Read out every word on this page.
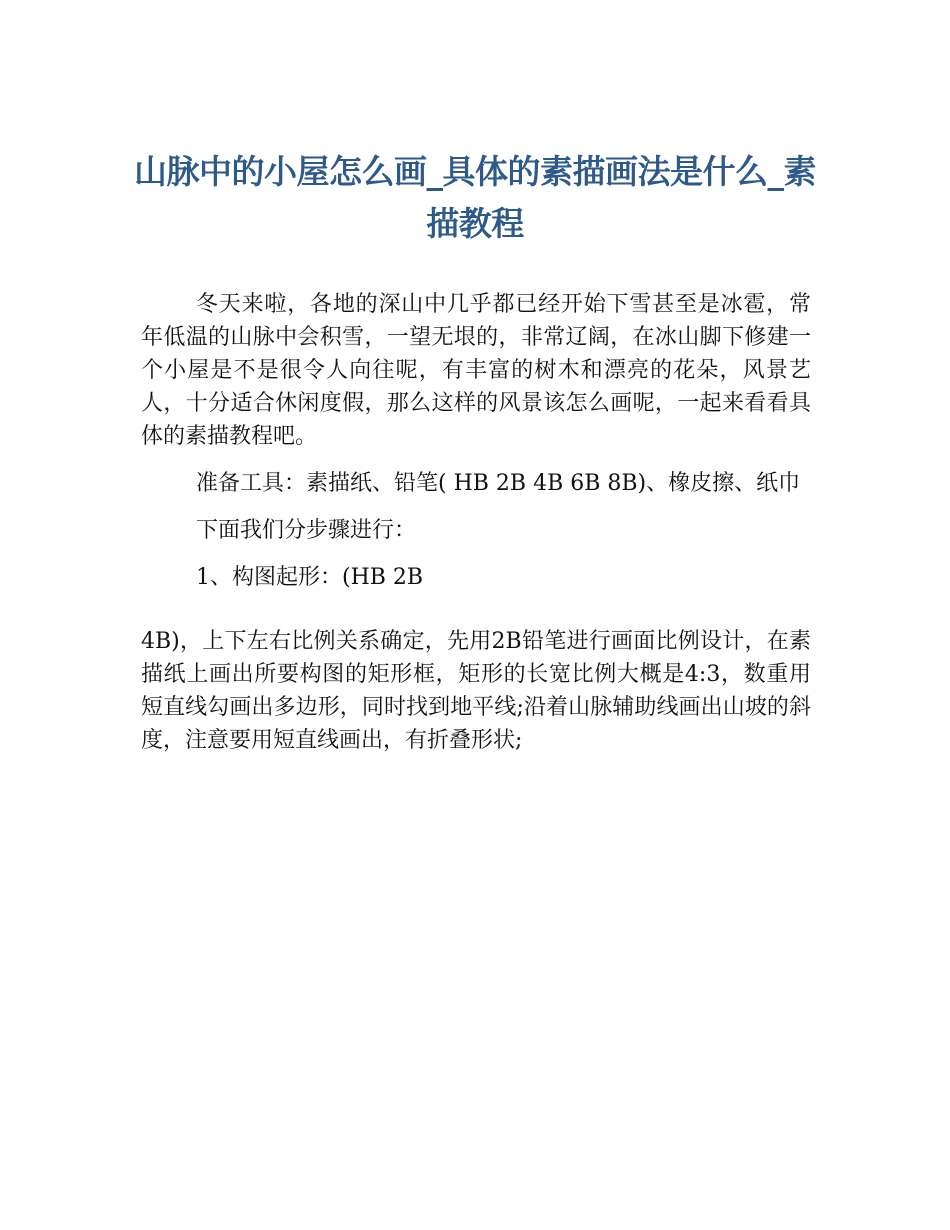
山脉中的小屋怎么画_具体的素描画法是什么_素描教程

冬天来啦，各地的深山中几乎都已经开始下雪甚至是冰雹，常年低温的山脉中会积雪，一望无垠的，非常辽阔，在冰山脚下修建一个小屋是不是很令人向往呢，有丰富的树木和漂亮的花朵，风景艺人，十分适合休闲度假，那么这样的风景该怎么画呢，一起来看看具体的素描教程吧。

准备工具：素描纸、铅笔( HB 2B 4B 6B 8B)、橡皮擦、纸巾

下面我们分步骤进行：

1、构图起形：(HB 2B

4B)，上下左右比例关系确定，先用2B铅笔进行画面比例设计，在素描纸上画出所要构图的矩形框，矩形的长宽比例大概是4:3，数重用短直线勾画出多边形，同时找到地平线;沿着山脉辅助线画出山坡的斜度，注意要用短直线画出，有折叠形状;
